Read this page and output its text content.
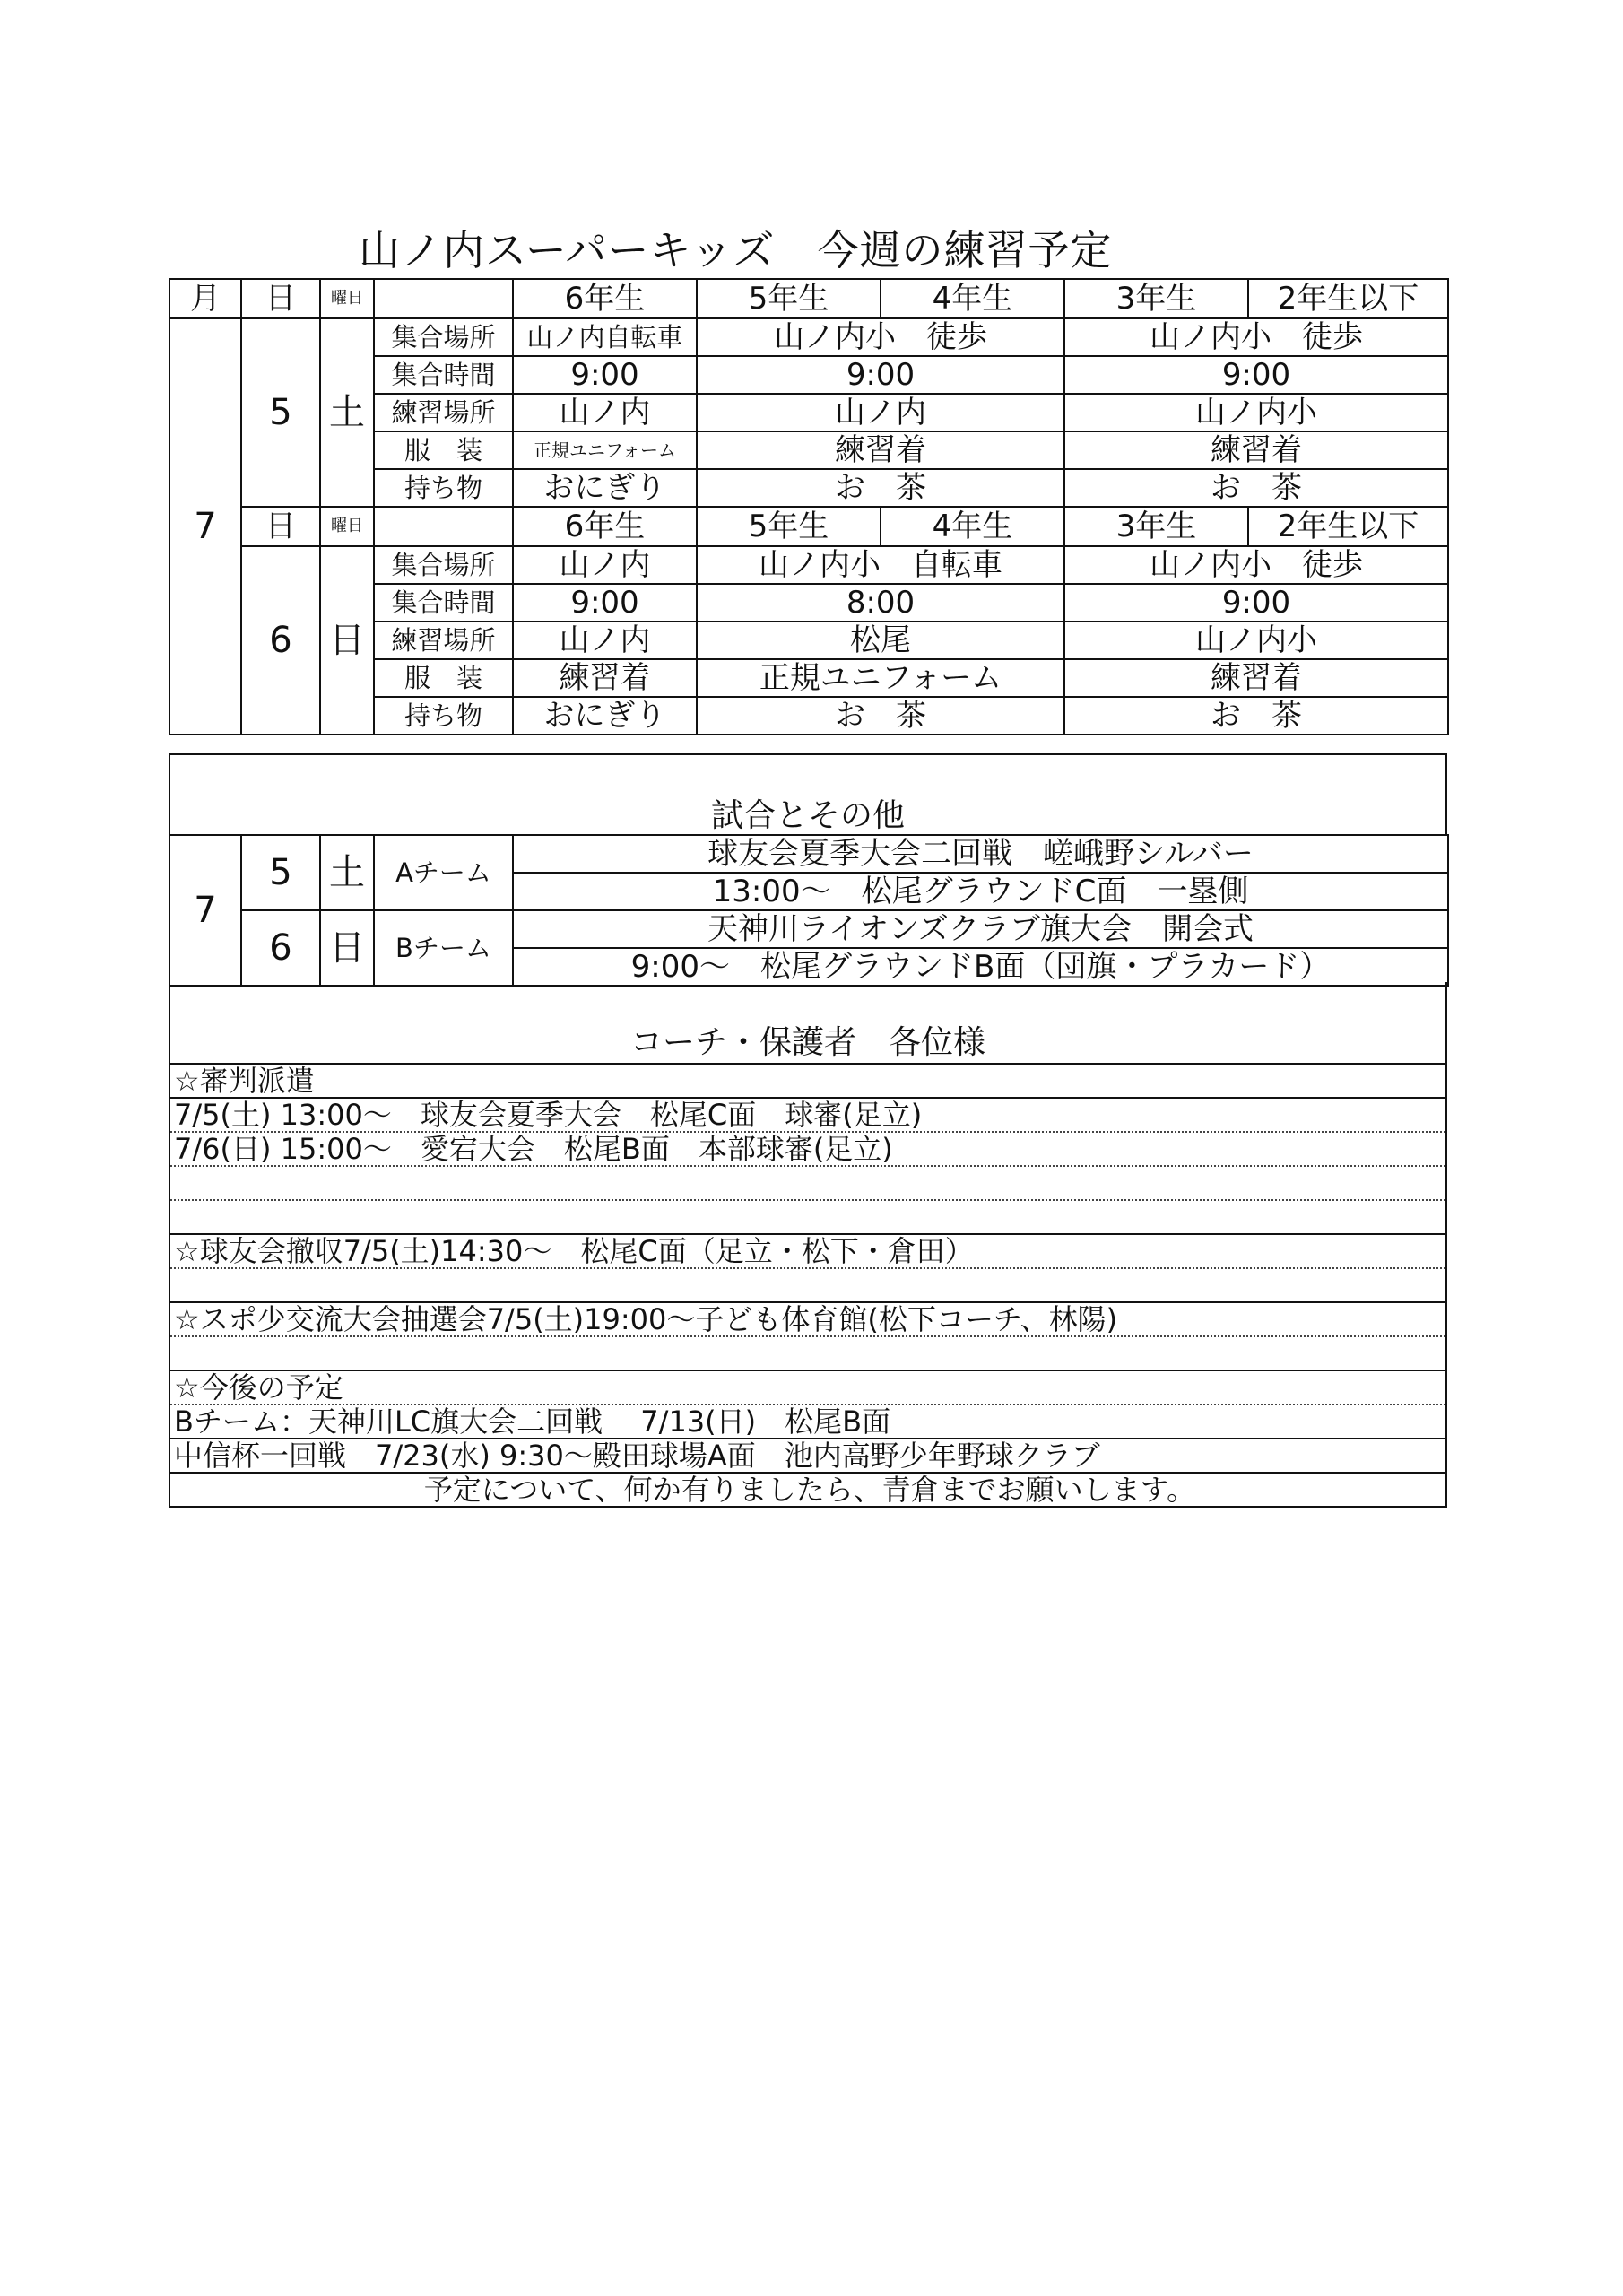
山ノ内スーパーキッズ　今週の練習予定
月	日	曜日		6年生	5年生	4年生	3年生	2年生以下
7	5	土	集合場所	山ノ内自転車	山ノ内小　徒歩		山ノ内小　徒歩	
			集合時間	9:00	9:00		9:00	
			練習場所	山ノ内	山ノ内		山ノ内小	
			服　装	正規ユニフォーム	練習着		練習着	
			持ち物	おにぎり	お　茶		お　茶	
	日	曜日		6年生	5年生	4年生	3年生	2年生以下
	6	日	集合場所	山ノ内	山ノ内小　自転車		山ノ内小　徒歩	
			集合時間	9:00	8:00		9:00	
			練習場所	山ノ内	松尾		山ノ内小	
			服　装	練習着	正規ユニフォーム		練習着	
			持ち物	おにぎり	お　茶		お　茶	
試合とその他
7	5	土	Aチーム	球友会夏季大会二回戦　嵯峨野シルバー
				13:00～　松尾グラウンドC面　一塁側
	6	日	Bチーム	天神川ライオンズクラブ旗大会　開会式
				9:00～　松尾グラウンドB面（団旗・プラカード）
コーチ・保護者　各位様
☆審判派遣
7/5(土) 13:00～　球友会夏季大会　松尾C面　球審(足立)
7/6(日) 15:00～　愛宕大会　松尾B面　本部球審(足立)
☆球友会撤収7/5(土)14:30～　松尾C面（足立・松下・倉田）
☆スポ少交流大会抽選会7/5(土)19:00～子ども体育館(松下コーチ、林陽)
☆今後の予定
Bチーム：天神川LC旗大会二回戦　 7/13(日)　松尾B面
中信杯一回戦　7/23(水) 9:30～殿田球場A面　池内高野少年野球クラブ
予定について、何か有りましたら、青倉までお願いします。
